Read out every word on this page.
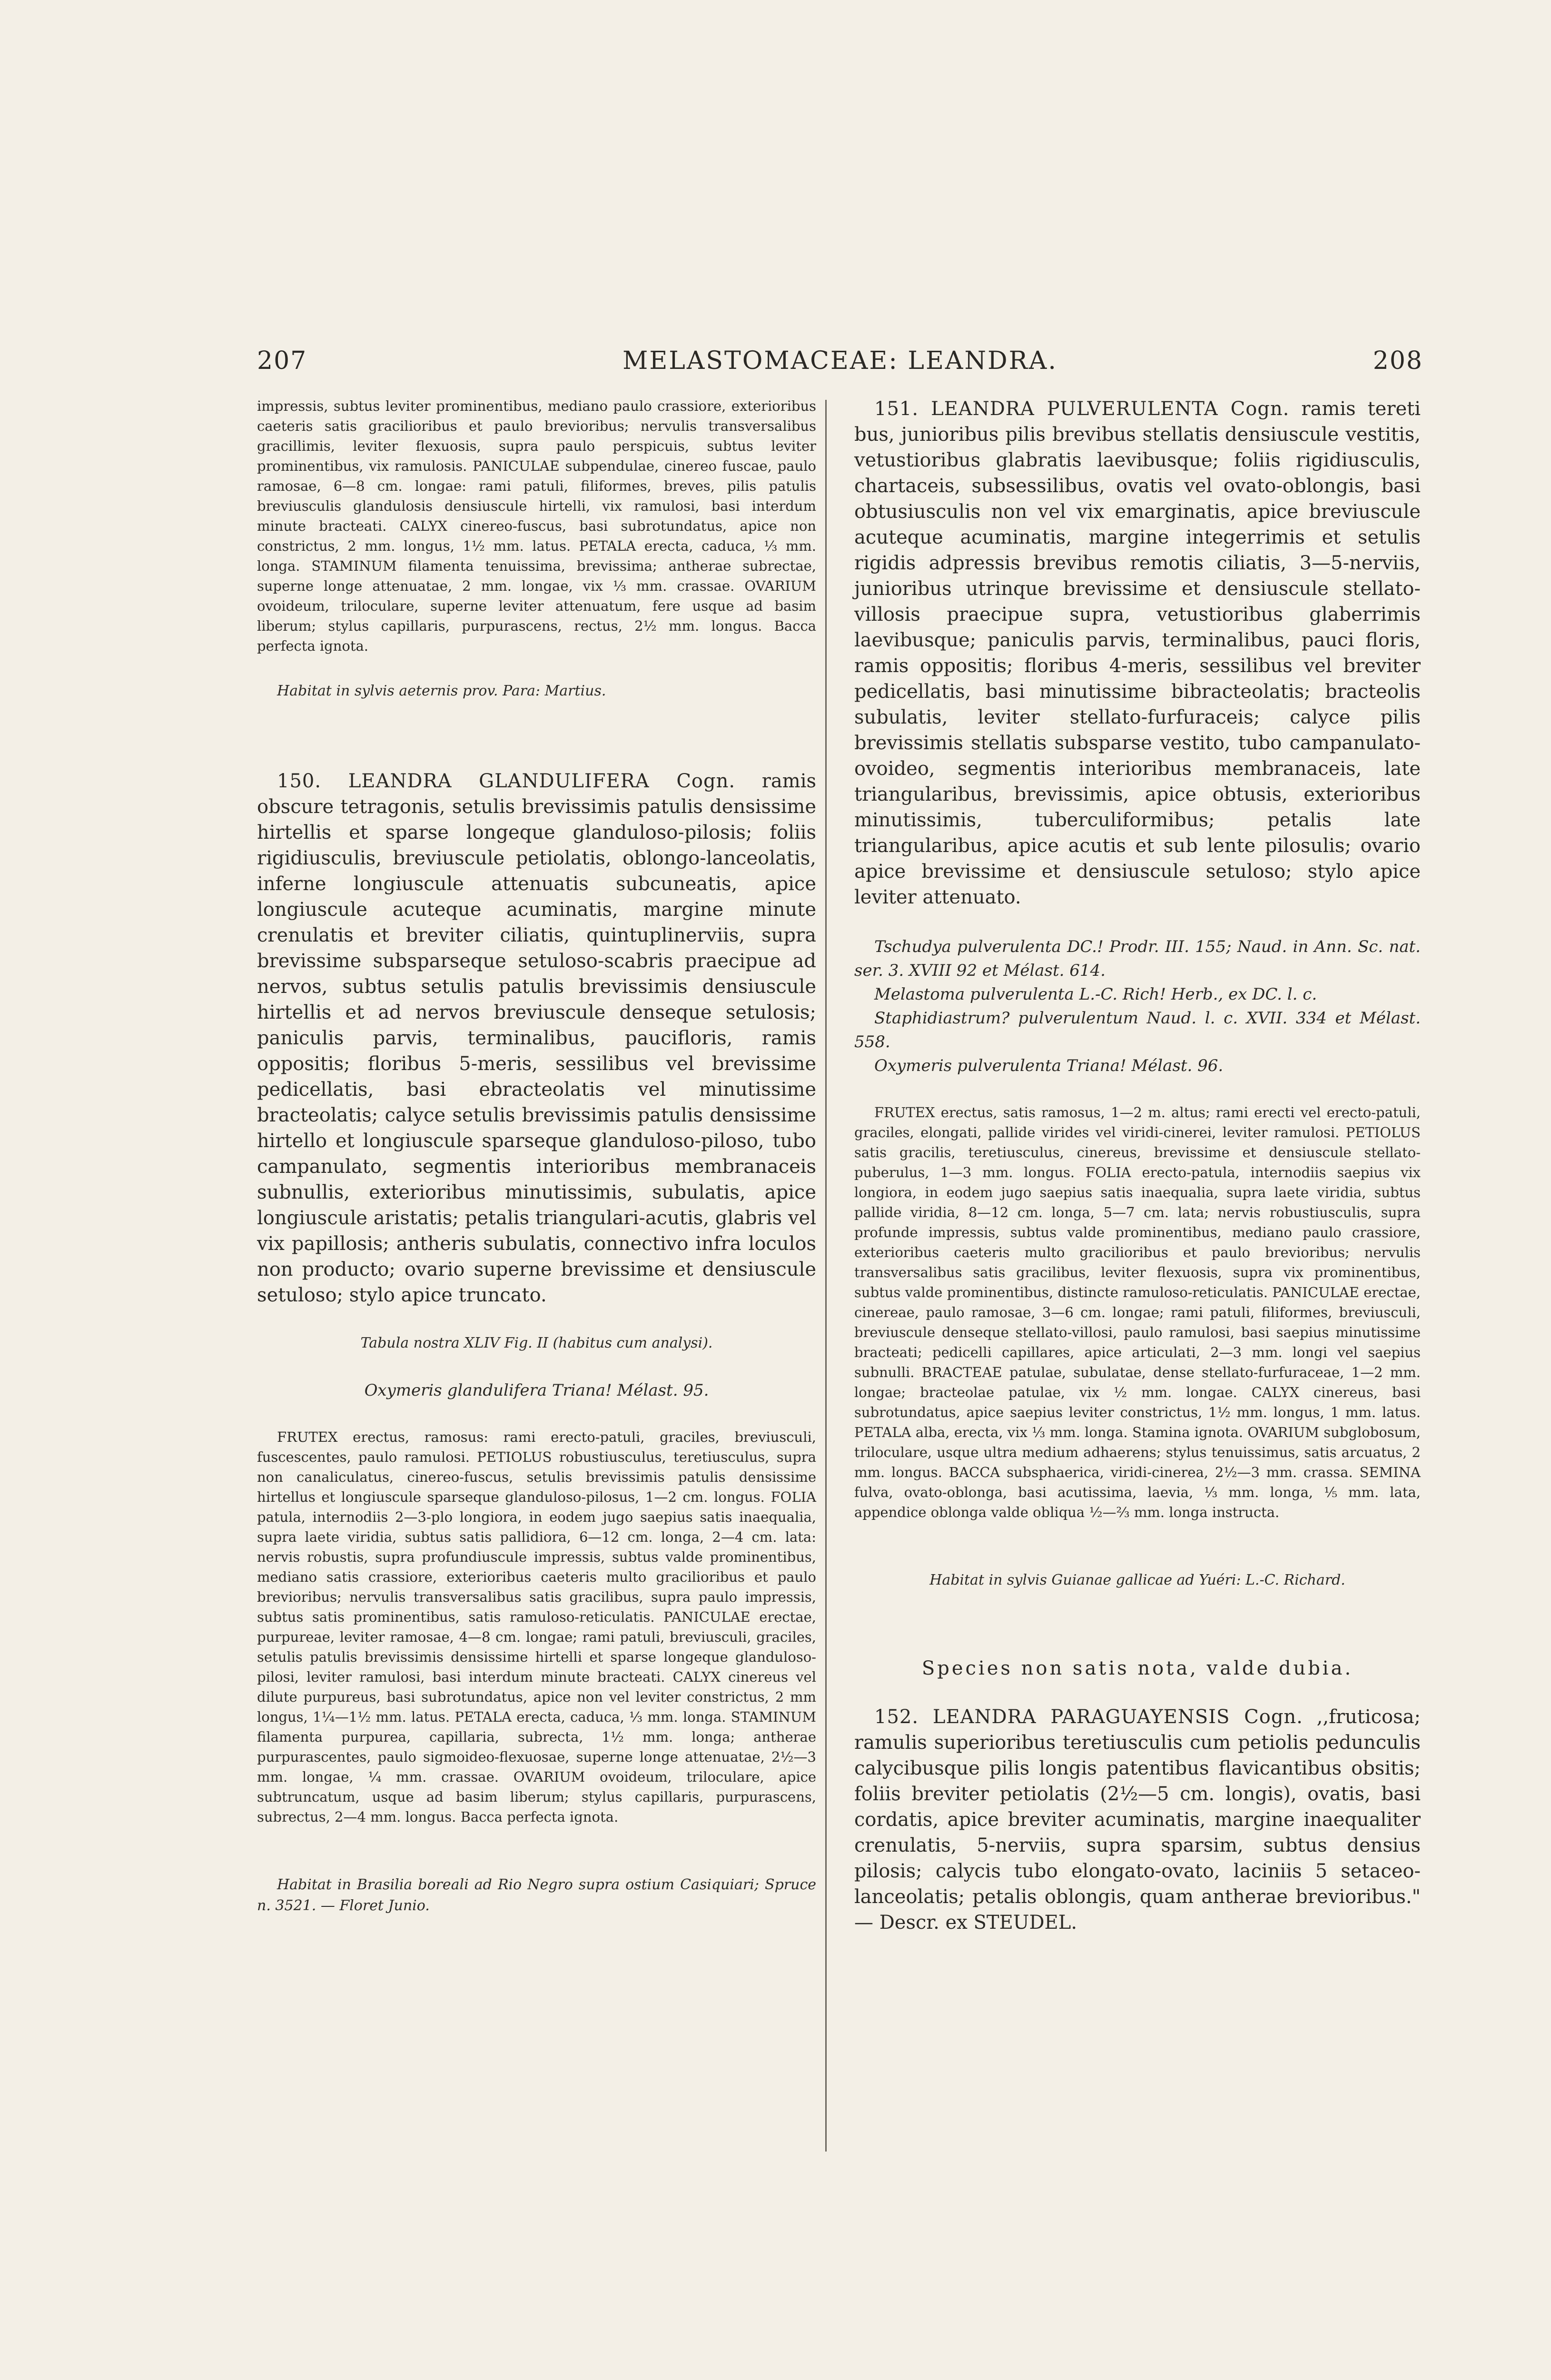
207	MELASTOMACEAE: LEANDRA.	208

impressis, subtus leviter prominentibus, mediano paulo crassiore, exterioribus caeteris satis gracilioribus et paulo brevioribus; nervulis transversalibus gracillimis, leviter flexuosis, supra paulo perspicuis, subtus leviter prominentibus, vix ramulosis. PANICULAE subpendulae, cinereo fuscae, paulo ramosae, 6—8 cm. longae: rami patuli, filiformes, breves, pilis patulis breviusculis glandulosis densiuscule hirtelli, vix ramulosi, basi interdum minute bracteati. CALYX cinereo-fuscus, basi subrotundatus, apice non constrictus, 2 mm. longus, 1½ mm. latus. PETALA erecta, caduca, ⅓ mm. longa. STAMINUM filamenta tenuissima, brevissima; antherae subrectae, superne longe attenuatae, 2 mm. longae, vix ⅓ mm. crassae. OVARIUM ovoideum, triloculare, superne leviter attenuatum, fere usque ad basim liberum; stylus capillaris, purpurascens, rectus, 2½ mm. longus. Bacca perfecta ignota.

Habitat in sylvis aeternis prov. Para: Martius.

150. LEANDRA GLANDULIFERA Cogn. ramis obscure tetragonis, setulis brevissimis patulis densissime hirtellis et sparse longeque glanduloso-pilosis; foliis rigidiusculis, breviuscule petiolatis, oblongo-lanceolatis, inferne longiuscule attenuatis subcuneatis, apice longiuscule acuteque acuminatis, margine minute crenulatis et breviter ciliatis, quintuplinerviis, supra brevissime subsparseque setuloso-scabris praecipue ad nervos, subtus setulis patulis brevissimis densiuscule hirtellis et ad nervos breviuscule denseque setulosis; paniculis parvis, terminalibus, paucifloris, ramis oppositis; floribus 5-meris, sessilibus vel brevissime pedicellatis, basi ebracteolatis vel minutissime bracteolatis; calyce setulis brevissimis patulis densissime hirtello et longiuscule sparseque glanduloso-piloso, tubo campanulato, segmentis interioribus membranaceis subnullis, exterioribus minutissimis, subulatis, apice longiuscule aristatis; petalis triangulari-acutis, glabris vel vix papillosis; antheris subulatis, connectivo infra loculos non producto; ovario superne brevissime et densiuscule setuloso; stylo apice truncato.

Tabula nostra XLIV Fig. II (habitus cum analysi).

Oxymeris glandulifera Triana! Mélast. 95.

FRUTEX erectus, ramosus: rami erecto-patuli, graciles, breviusculi, fuscescentes, paulo ramulosi. PETIOLUS robustiusculus, teretiusculus, supra non canaliculatus, cinereo-fuscus, setulis brevissimis patulis densissime hirtellus et longiuscule sparseque glanduloso-pilosus, 1—2 cm. longus. FOLIA patula, internodiis 2—3-plo longiora, in eodem jugo saepius satis inaequalia, supra laete viridia, subtus satis pallidiora, 6—12 cm. longa, 2—4 cm. lata: nervis robustis, supra profundiuscule impressis, subtus valde prominentibus, mediano satis crassiore, exterioribus caeteris multo gracilioribus et paulo brevioribus; nervulis transversalibus satis gracilibus, supra paulo impressis, subtus satis prominentibus, satis ramuloso-reticulatis. PANICULAE erectae, purpureae, leviter ramosae, 4—8 cm. longae; rami patuli, breviusculi, graciles, setulis patulis brevissimis densissime hirtelli et sparse longeque glanduloso-pilosi, leviter ramulosi, basi interdum minute bracteati. CALYX cinereus vel dilute purpureus, basi subrotundatus, apice non vel leviter constrictus, 2 mm longus, 1¼—1½ mm. latus. PETALA erecta, caduca, ⅓ mm. longa. STAMINUM filamenta purpurea, capillaria, subrecta, 1½ mm. longa; antherae purpurascentes, paulo sigmoideo-flexuosae, superne longe attenuatae, 2½—3 mm. longae, ¼ mm. crassae. OVARIUM ovoideum, triloculare, apice subtruncatum, usque ad basim liberum; stylus capillaris, purpurascens, subrectus, 2—4 mm. longus. Bacca perfecta ignota.

Habitat in Brasilia boreali ad Rio Negro supra ostium Casiquiari; Spruce n. 3521. — Floret Junio.

151. LEANDRA PULVERULENTA Cogn. ramis tereti bus, junioribus pilis brevibus stellatis densiuscule vestitis, vetustioribus glabratis laevibusque; foliis rigidiusculis, chartaceis, subsessilibus, ovatis vel ovato-oblongis, basi obtusiusculis non vel vix emarginatis, apice breviuscule acuteque acuminatis, margine integerrimis et setulis rigidis adpressis brevibus remotis ciliatis, 3—5-nerviis, junioribus utrinque brevissime et densiuscule stellato-villosis praecipue supra, vetustioribus glaberrimis laevibusque; paniculis parvis, terminalibus, pauci floris, ramis oppositis; floribus 4-meris, sessilibus vel breviter pedicellatis, basi minutissime bibracteolatis; bracteolis subulatis, leviter stellato-furfuraceis; calyce pilis brevissimis stellatis subsparse vestito, tubo campanulato-ovoideo, segmentis interioribus membranaceis, late triangularibus, brevissimis, apice obtusis, exterioribus minutissimis, tuberculiformibus; petalis late triangularibus, apice acutis et sub lente pilosulis; ovario apice brevissime et densiuscule setuloso; stylo apice leviter attenuato.

Tschudya pulverulenta DC.! Prodr. III. 155; Naud. in Ann. Sc. nat. ser. 3. XVIII 92 et Mélast. 614.

Melastoma pulverulenta L.-C. Rich! Herb., ex DC. l. c.

Staphidiastrum? pulverulentum Naud. l. c. XVII. 334 et Mélast. 558.

Oxymeris pulverulenta Triana! Mélast. 96.

FRUTEX erectus, satis ramosus, 1—2 m. altus; rami erecti vel erecto-patuli, graciles, elongati, pallide virides vel viridi-cinerei, leviter ramulosi. PETIOLUS satis gracilis, teretiusculus, cinereus, brevissime et densiuscule stellato-puberulus, 1—3 mm. longus. FOLIA erecto-patula, internodiis saepius vix longiora, in eodem jugo saepius satis inaequalia, supra laete viridia, subtus pallide viridia, 8—12 cm. longa, 5—7 cm. lata; nervis robustiusculis, supra profunde impressis, subtus valde prominentibus, mediano paulo crassiore, exterioribus caeteris multo gracilioribus et paulo brevioribus; nervulis transversalibus satis gracilibus, leviter flexuosis, supra vix prominentibus, subtus valde prominentibus, distincte ramuloso-reticulatis. PANICULAE erectae, cinereae, paulo ramosae, 3—6 cm. longae; rami patuli, filiformes, breviusculi, breviuscule denseque stellato-villosi, paulo ramulosi, basi saepius minutissime bracteati; pedicelli capillares, apice articulati, 2—3 mm. longi vel saepius subnulli. BRACTEAE patulae, subulatae, dense stellato-furfuraceae, 1—2 mm. longae; bracteolae patulae, vix ½ mm. longae. CALYX cinereus, basi subrotundatus, apice saepius leviter constrictus, 1½ mm. longus, 1 mm. latus. PETALA alba, erecta, vix ⅓ mm. longa. Stamina ignota. OVARIUM subglobosum, triloculare, usque ultra medium adhaerens; stylus tenuissimus, satis arcuatus, 2 mm. longus. BACCA subsphaerica, viridi-cinerea, 2½—3 mm. crassa. SEMINA fulva, ovato-oblonga, basi acutissima, laevia, ⅓ mm. longa, ⅕ mm. lata, appendice oblonga valde obliqua ½—⅔ mm. longa instructa.

Habitat in sylvis Guianae gallicae ad Yuéri: L.-C. Richard.

Species non satis nota, valde dubia.

152. LEANDRA PARAGUAYENSIS Cogn. ,,fruticosa; ramulis superioribus teretiusculis cum petiolis pedunculis calycibusque pilis longis patentibus flavicantibus obsitis; foliis breviter petiolatis (2½—5 cm. longis), ovatis, basi cordatis, apice breviter acuminatis, margine inaequaliter crenulatis, 5-nerviis, supra sparsim, subtus densius pilosis; calycis tubo elongato-ovato, laciniis 5 setaceo-lanceolatis; petalis oblongis, quam antherae brevioribus." — Descr. ex STEUDEL.
